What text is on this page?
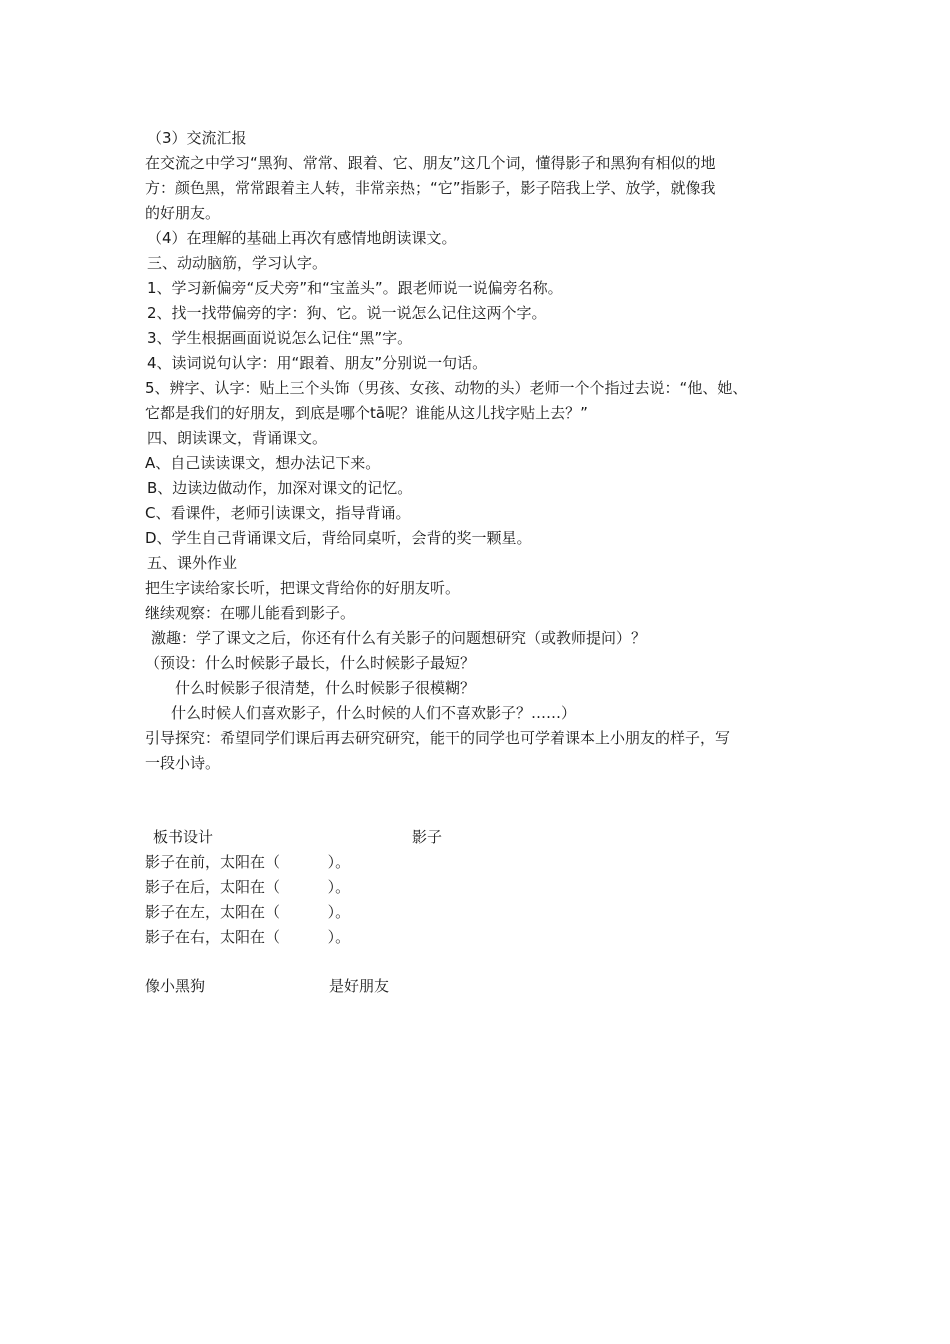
（3）交流汇报
在交流之中学习“黑狗、常常、跟着、它、朋友”这几个词，懂得影子和黑狗有相似的地
方：颜色黑，常常跟着主人转，非常亲热；“它”指影子，影子陪我上学、放学，就像我
的好朋友。
（4）在理解的基础上再次有感情地朗读课文。
三、动动脑筋，学习认字。
1、学习新偏旁“反犬旁”和“宝盖头”。跟老师说一说偏旁名称。
2、找一找带偏旁的字：狗、它。说一说怎么记住这两个字。
3、学生根据画面说说怎么记住“黑”字。
4、读词说句认字：用“跟着、朋友”分别说一句话。
5、辨字、认字：贴上三个头饰（男孩、女孩、动物的头）老师一个个指过去说：“他、她、
它都是我们的好朋友，到底是哪个tā呢？谁能从这儿找字贴上去？”
四、朗读课文，背诵课文。
A、自己读读课文，想办法记下来。
B、边读边做动作，加深对课文的记忆。
C、看课件，老师引读课文，指导背诵。
D、学生自己背诵课文后，背给同桌听，会背的奖一颗星。
五、课外作业
把生字读给家长听，把课文背给你的好朋友听。
继续观察：在哪儿能看到影子。
激趣：学了课文之后，你还有什么有关影子的问题想研究（或教师提问）？
（预设：什么时候影子最长，什么时候影子最短？
什么时候影子很清楚，什么时候影子很模糊？
什么时候人们喜欢影子，什么时候的人们不喜欢影子？……）
引导探究：希望同学们课后再去研究研究，能干的同学也可学着课本上小朋友的样子，写
一段小诗。
板书设计	影子
影子在前，太阳在（          ）。
影子在后，太阳在（          ）。
影子在左，太阳在（          ）。
影子在右，太阳在（          ）。
像小黑狗	是好朋友
